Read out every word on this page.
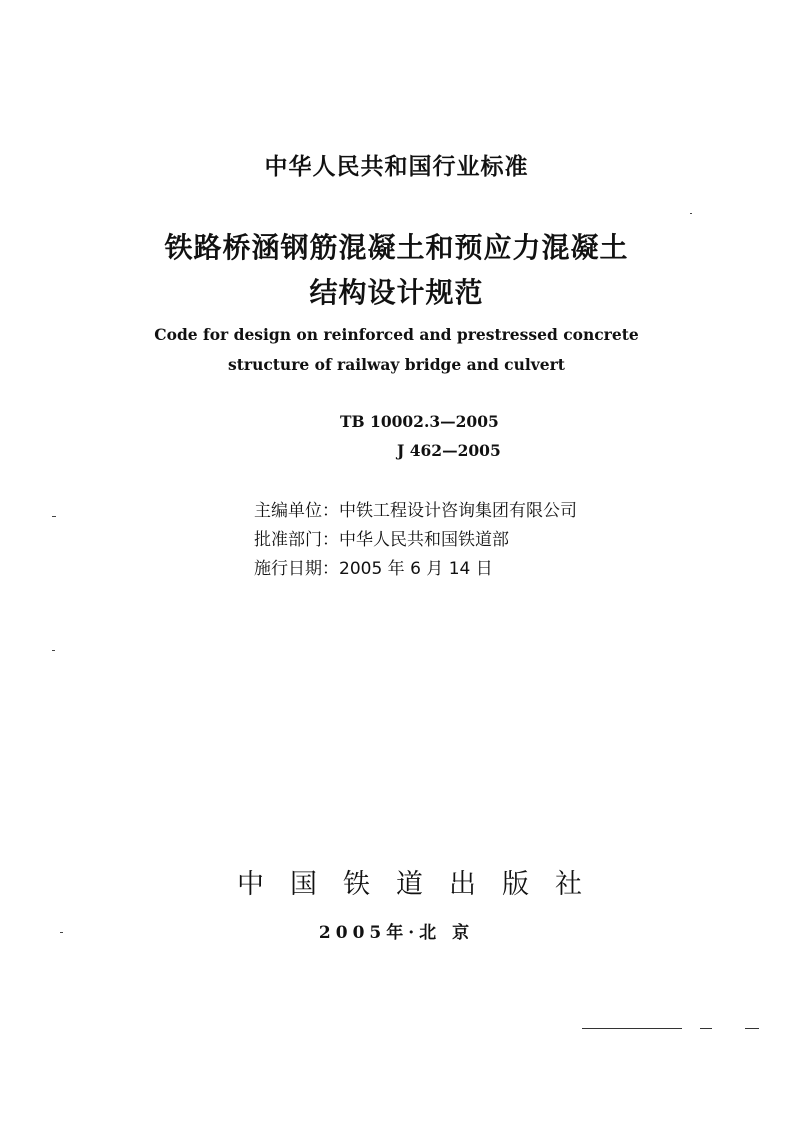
中华人民共和国行业标准
铁路桥涵钢筋混凝土和预应力混凝土
结构设计规范
Code for design on reinforced and prestressed concrete
structure of railway bridge and culvert
TB 10002.3—2005
J 462—2005
主编单位：中铁工程设计咨询集团有限公司
批准部门：中华人民共和国铁道部
施行日期：2005 年 6 月 14 日
中国铁道出版社
2005年·北 京
